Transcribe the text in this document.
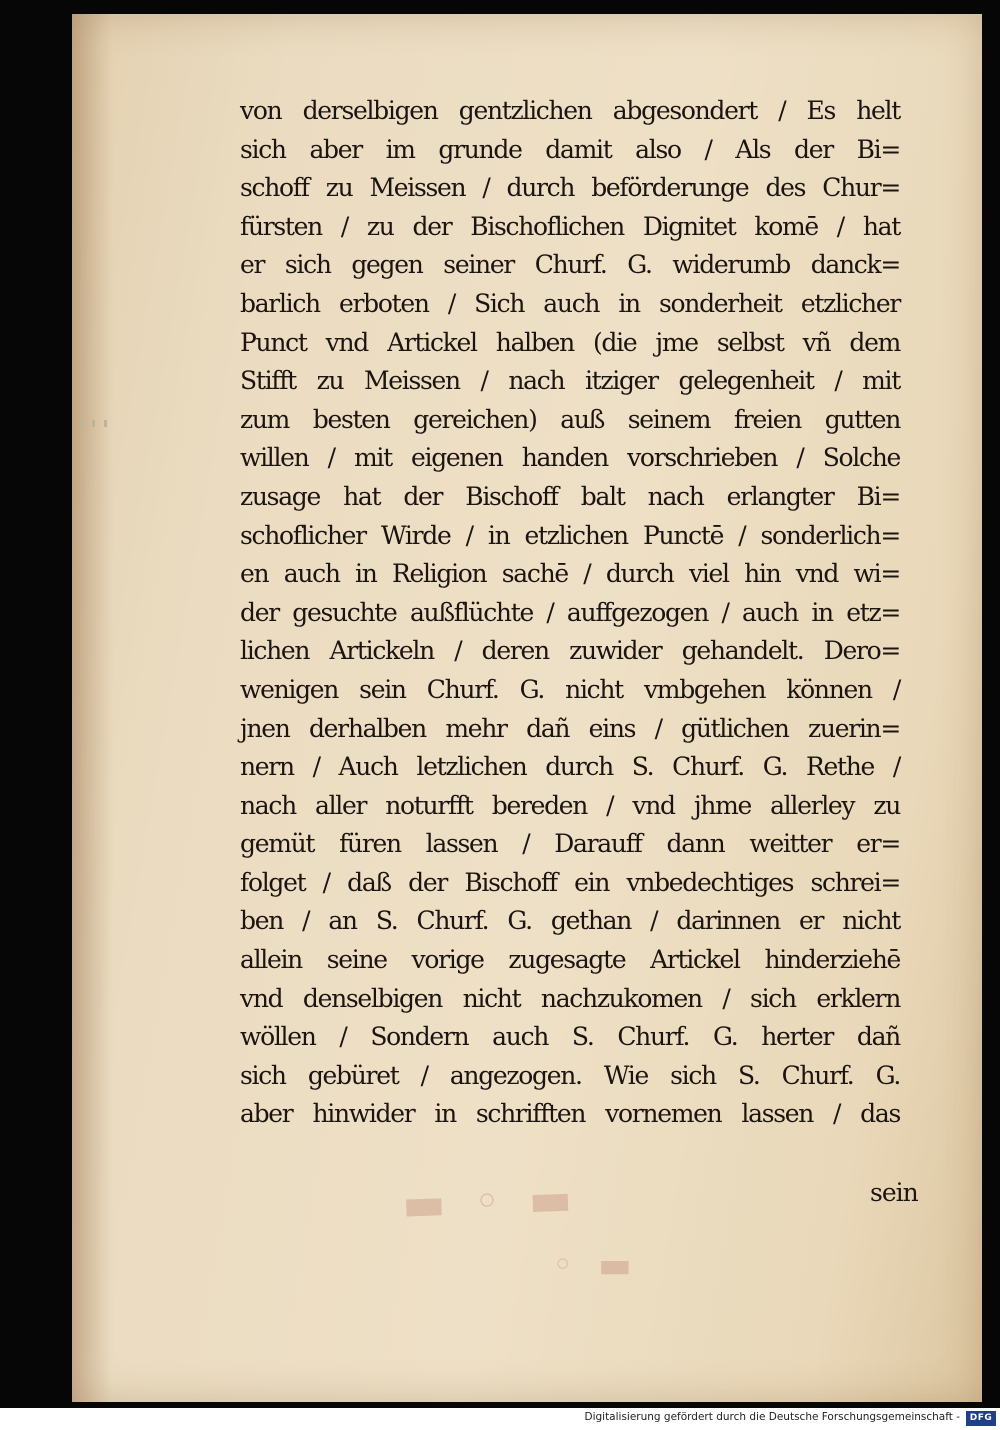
▬ ◦ ▬
◦ ▬
von derselbigen gentzlichen abgesondert / Es helt
sich aber im grunde damit also / Als der Bi=
schoff zu Meissen / durch beförderunge des Chur=
fürsten / zu der Bischoflichen Dignitet komē / hat
er sich gegen seiner Churf. G. widerumb danck=
barlich erboten / Sich auch in sonderheit etzlicher
Punct vnd Artickel halben (die jme selbst vñ dem
Stifft zu Meissen / nach itziger gelegenheit / mit
zum besten gereichen) auß seinem freien gutten
willen / mit eigenen handen vorschrieben / Solche
zusage hat der Bischoff balt nach erlangter Bi=
schoflicher Wirde / in etzlichen Punctē / sonderlich=
en auch in Religion sachē / durch viel hin vnd wi=
der gesuchte außflüchte / auffgezogen / auch in etz=
lichen Artickeln / deren zuwider gehandelt. Dero=
wenigen sein Churf. G. nicht vmbgehen können /
jnen derhalben mehr dañ eins / gütlichen zuerin=
nern / Auch letzlichen durch S. Churf. G. Rethe /
nach aller noturfft bereden / vnd jhme allerley zu
gemüt füren lassen / Darauff dann weitter er=
folget / daß der Bischoff ein vnbedechtiges schrei=
ben / an S. Churf. G. gethan / darinnen er nicht
allein seine vorige zugesagte Artickel hinderziehē
vnd denselbigen nicht nachzukomen / sich erklern
wöllen / Sondern auch S. Churf. G. herter dañ
sich gebüret / angezogen. Wie sich S. Churf. G.
aber hinwider in schrifften vornemen lassen / das
sein
Digitalisierung gefördert durch die Deutsche Forschungsgemeinschaft -	DFG
